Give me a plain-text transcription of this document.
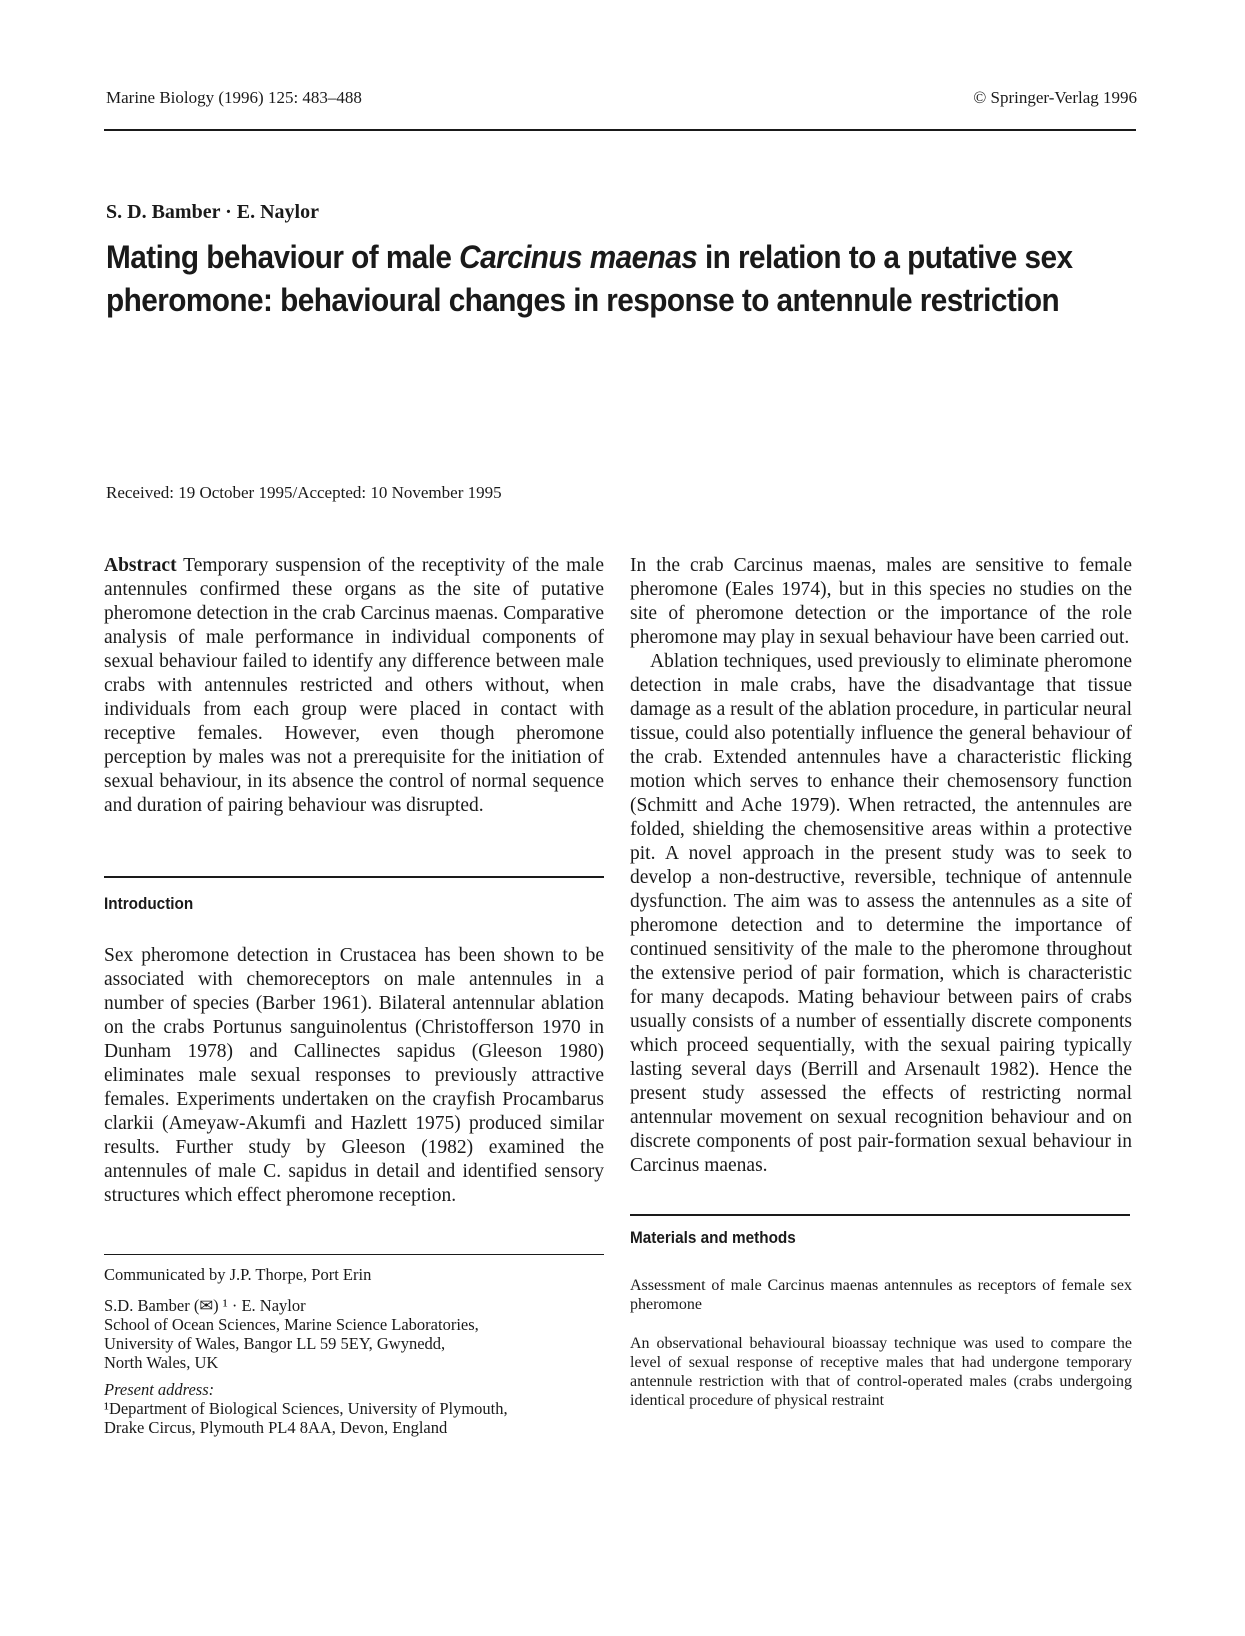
Marine Biology (1996) 125: 483–488	© Springer-Verlag 1996
S. D. Bamber · E. Naylor
Mating behaviour of male Carcinus maenas in relation to a putative sex pheromone: behavioural changes in response to antennule restriction
Received: 19 October 1995/Accepted: 10 November 1995

Abstract Temporary suspension of the receptivity of the male antennules confirmed these organs as the site of putative pheromone detection in the crab Carcinus maenas. Comparative analysis of male performance in individual components of sexual behaviour failed to identify any difference between male crabs with antennules restricted and others without, when individuals from each group were placed in contact with receptive females. However, even though pheromone perception by males was not a prerequisite for the initiation of sexual behaviour, in its absence the control of normal sequence and duration of pairing behaviour was disrupted.

Introduction

Sex pheromone detection in Crustacea has been shown to be associated with chemoreceptors on male antennules in a number of species (Barber 1961). Bilateral antennular ablation on the crabs Portunus sanguinolentus (Christofferson 1970 in Dunham 1978) and Callinectes sapidus (Gleeson 1980) eliminates male sexual responses to previously attractive females. Experiments undertaken on the crayfish Procambarus clarkii (Ameyaw-Akumfi and Hazlett 1975) produced similar results. Further study by Gleeson (1982) examined the antennules of male C. sapidus in detail and identified sensory structures which effect pheromone reception.

Communicated by J.P. Thorpe, Port Erin
S.D. Bamber (✉) ¹ · E. Naylor
School of Ocean Sciences, Marine Science Laboratories,
University of Wales, Bangor LL 59 5EY, Gwynedd,
North Wales, UK
Present address:
¹Department of Biological Sciences, University of Plymouth,
Drake Circus, Plymouth PL4 8AA, Devon, England

In the crab Carcinus maenas, males are sensitive to female pheromone (Eales 1974), but in this species no studies on the site of pheromone detection or the importance of the role pheromone may play in sexual behaviour have been carried out.

Ablation techniques, used previously to eliminate pheromone detection in male crabs, have the disadvantage that tissue damage as a result of the ablation procedure, in particular neural tissue, could also potentially influence the general behaviour of the crab. Extended antennules have a characteristic flicking motion which serves to enhance their chemosensory function (Schmitt and Ache 1979). When retracted, the antennules are folded, shielding the chemosensitive areas within a protective pit. A novel approach in the present study was to seek to develop a non-destructive, reversible, technique of antennule dysfunction. The aim was to assess the antennules as a site of pheromone detection and to determine the importance of continued sensitivity of the male to the pheromone throughout the extensive period of pair formation, which is characteristic for many decapods. Mating behaviour between pairs of crabs usually consists of a number of essentially discrete components which proceed sequentially, with the sexual pairing typically lasting several days (Berrill and Arsenault 1982). Hence the present study assessed the effects of restricting normal antennular movement on sexual recognition behaviour and on discrete components of post pair-formation sexual behaviour in Carcinus maenas.

Materials and methods

Assessment of male Carcinus maenas antennules as receptors of female sex pheromone

An observational behavioural bioassay technique was used to compare the level of sexual response of receptive males that had undergone temporary antennule restriction with that of control-operated males (crabs undergoing identical procedure of physical restraint
